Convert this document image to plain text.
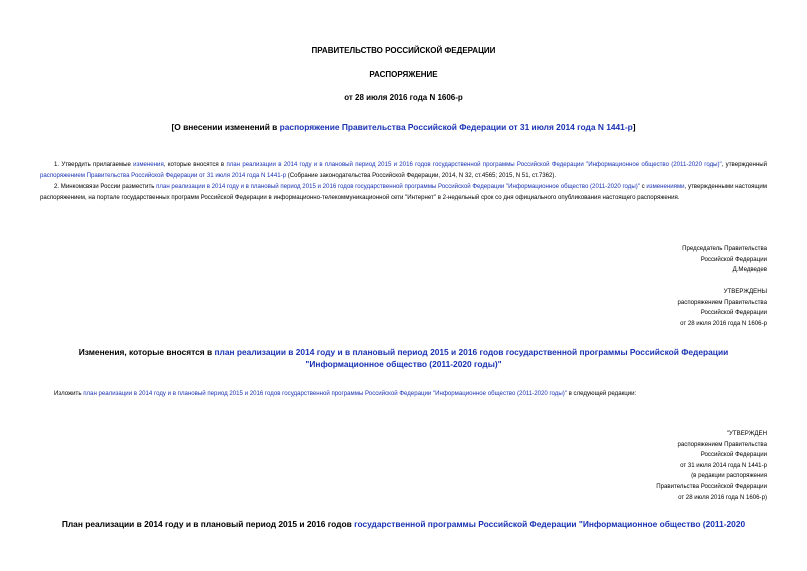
ПРАВИТЕЛЬСТВО РОССИЙСКОЙ ФЕДЕРАЦИИ
РАСПОРЯЖЕНИЕ
от 28 июля 2016 года N 1606-р
[О внесении изменений в распоряжение Правительства Российской Федерации от 31 июля 2014 года N 1441-р]
1. Утвердить прилагаемые изменения, которые вносятся в план реализации в 2014 году и в плановый период 2015 и 2016 годов государственной программы Российской Федерации "Информационное общество (2011-2020 годы)", утвержденный распоряжением Правительства Российской Федерации от 31 июля 2014 года N 1441-р (Собрание законодательства Российской Федерации, 2014, N 32, ст.4565; 2015, N 51, ст.7362).
2. Минкомсвязи России разместить план реализации в 2014 году и в плановый период 2015 и 2016 годов государственной программы Российской Федерации "Информационное общество (2011-2020 годы)" с изменениями, утвержденными настоящим распоряжением, на портале государственных программ Российской Федерации в информационно-телекоммуникационной сети "Интернет" в 2-недельный срок со дня официального опубликования настоящего распоряжения.
Председатель Правительства
Российской Федерации
Д.Медведев
УТВЕРЖДЕНЫ
распоряжением Правительства
Российской Федерации
от 28 июля 2016 года N 1606-р
Изменения, которые вносятся в план реализации в 2014 году и в плановый период 2015 и 2016 годов государственной программы Российской Федерации "Информационное общество (2011-2020 годы)"
Изложить план реализации в 2014 году и в плановый период 2015 и 2016 годов государственной программы Российской Федерации "Информационное общество (2011-2020 годы)" в следующей редакции:
"УТВЕРЖДЕН
распоряжением Правительства
Российской Федерации
от 31 июля 2014 года N 1441-р
(в редакции распоряжения
Правительства Российской Федерации
от 28 июля 2016 года N 1606-р)
План реализации в 2014 году и в плановый период 2015 и 2016 годов государственной программы Российской Федерации "Информационное общество (2011-2020
